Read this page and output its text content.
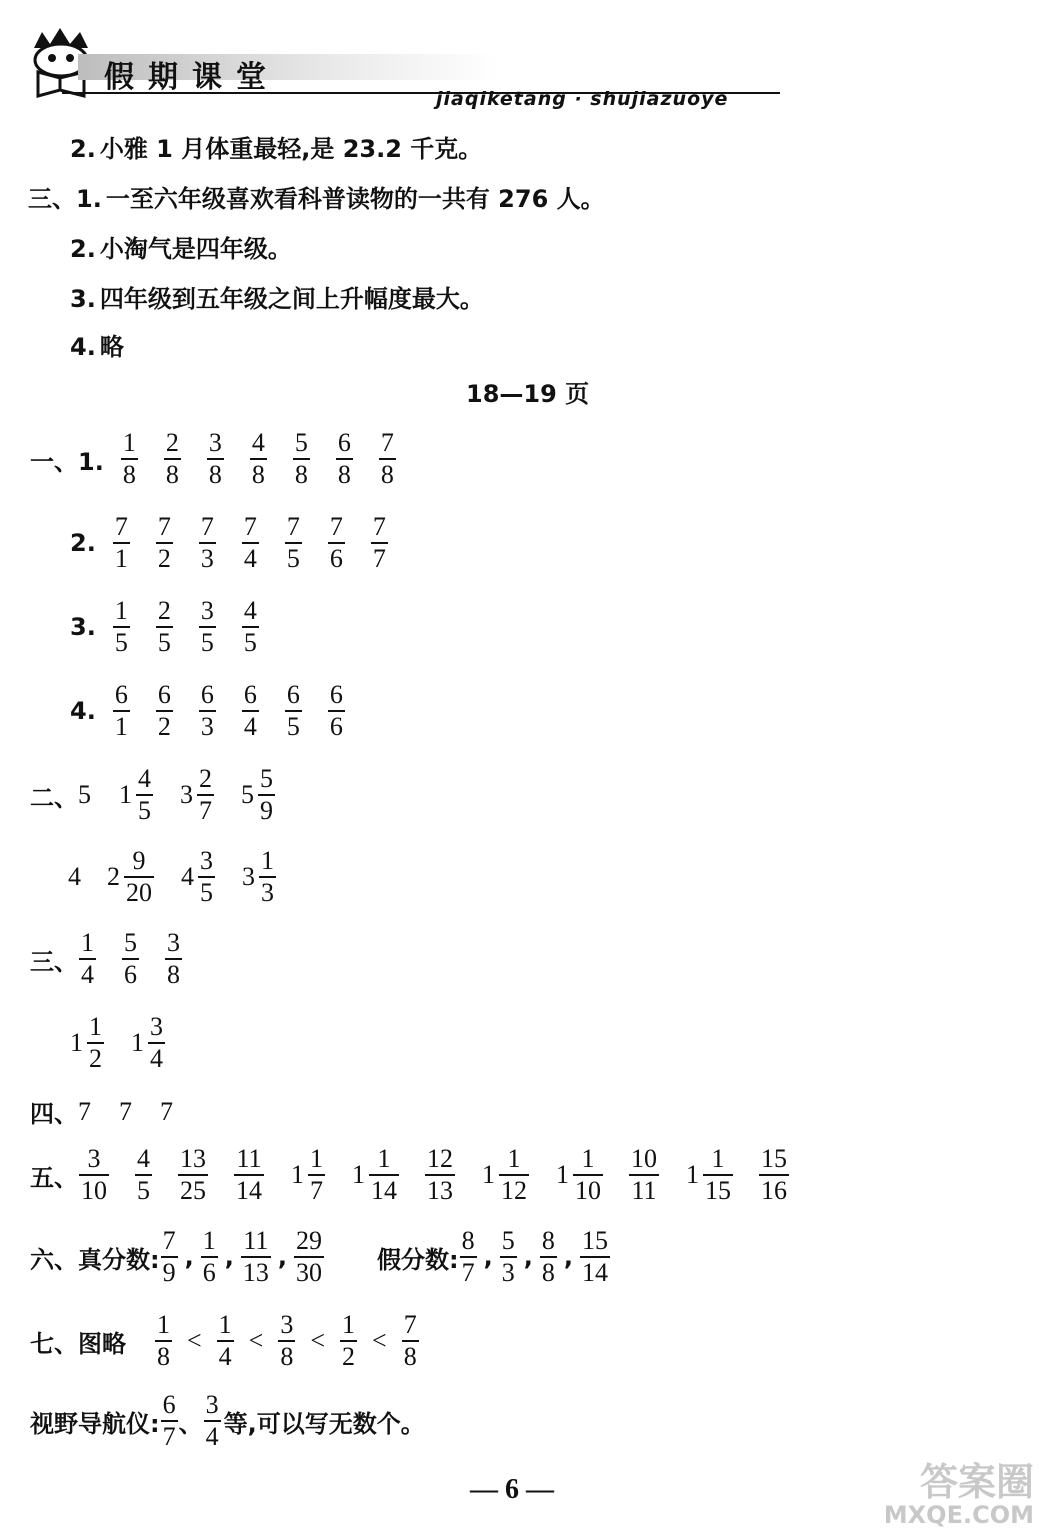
假期课堂
jiaqiketang · shujiazuoye
2. 小雅 1 月体重最轻,是 23.2 千克。
三、1. 一至六年级喜欢看科普读物的一共有 276 人。
2. 小淘气是四年级。
3. 四年级到五年级之间上升幅度最大。
4. 略
18—19 页
一、1. $\frac{1}{8} \frac{2}{8} \frac{3}{8} \frac{4}{8} \frac{5}{8} \frac{6}{8} \frac{7}{8}$
2. $\frac{7}{1} \frac{7}{2} \frac{7}{3} \frac{7}{4} \frac{7}{5} \frac{7}{6} \frac{7}{7}$
3. $\frac{1}{5} \frac{2}{5} \frac{3}{5} \frac{4}{5}$
4. $\frac{6}{1} \frac{6}{2} \frac{6}{3} \frac{6}{4} \frac{6}{5} \frac{6}{6}$
二、 5 $1 \frac{4}{5} 3 \frac{2}{7} 5 \frac{5}{9}$
4 $2 \frac{9}{20} 4 \frac{3}{5} 3 \frac{1}{3}$
三、 $\frac{1}{4} \frac{5}{6} \frac{3}{8}$
$1 \frac{1}{2} 1 \frac{3}{4}$
四、 7 7 7
五、 $\frac{3}{10} \frac{4}{5} \frac{13}{25} \frac{11}{14} 1 \frac{1}{7} 1 \frac{1}{14} \frac{12}{13} 1 \frac{1}{12} 1 \frac{1}{10} \frac{10}{11} 1 \frac{1}{15} \frac{15}{16}$
六、真分数: $\frac{7}{9}$ , $\frac{1}{6}$ , $\frac{11}{13}$ , $\frac{29}{30}$ 假分数: $\frac{8}{7}$ , $\frac{5}{3}$ , $\frac{8}{8}$ , $\frac{15}{14}$
七、图略 $\frac{1}{8} < \frac{1}{4} < \frac{3}{8} < \frac{1}{2} < \frac{7}{8}$
视野导航仪: $\frac{6}{7}$ 、 $\frac{3}{4}$ 等,可以写无数个。
— 6 —	答案圈
MXQE.COM
